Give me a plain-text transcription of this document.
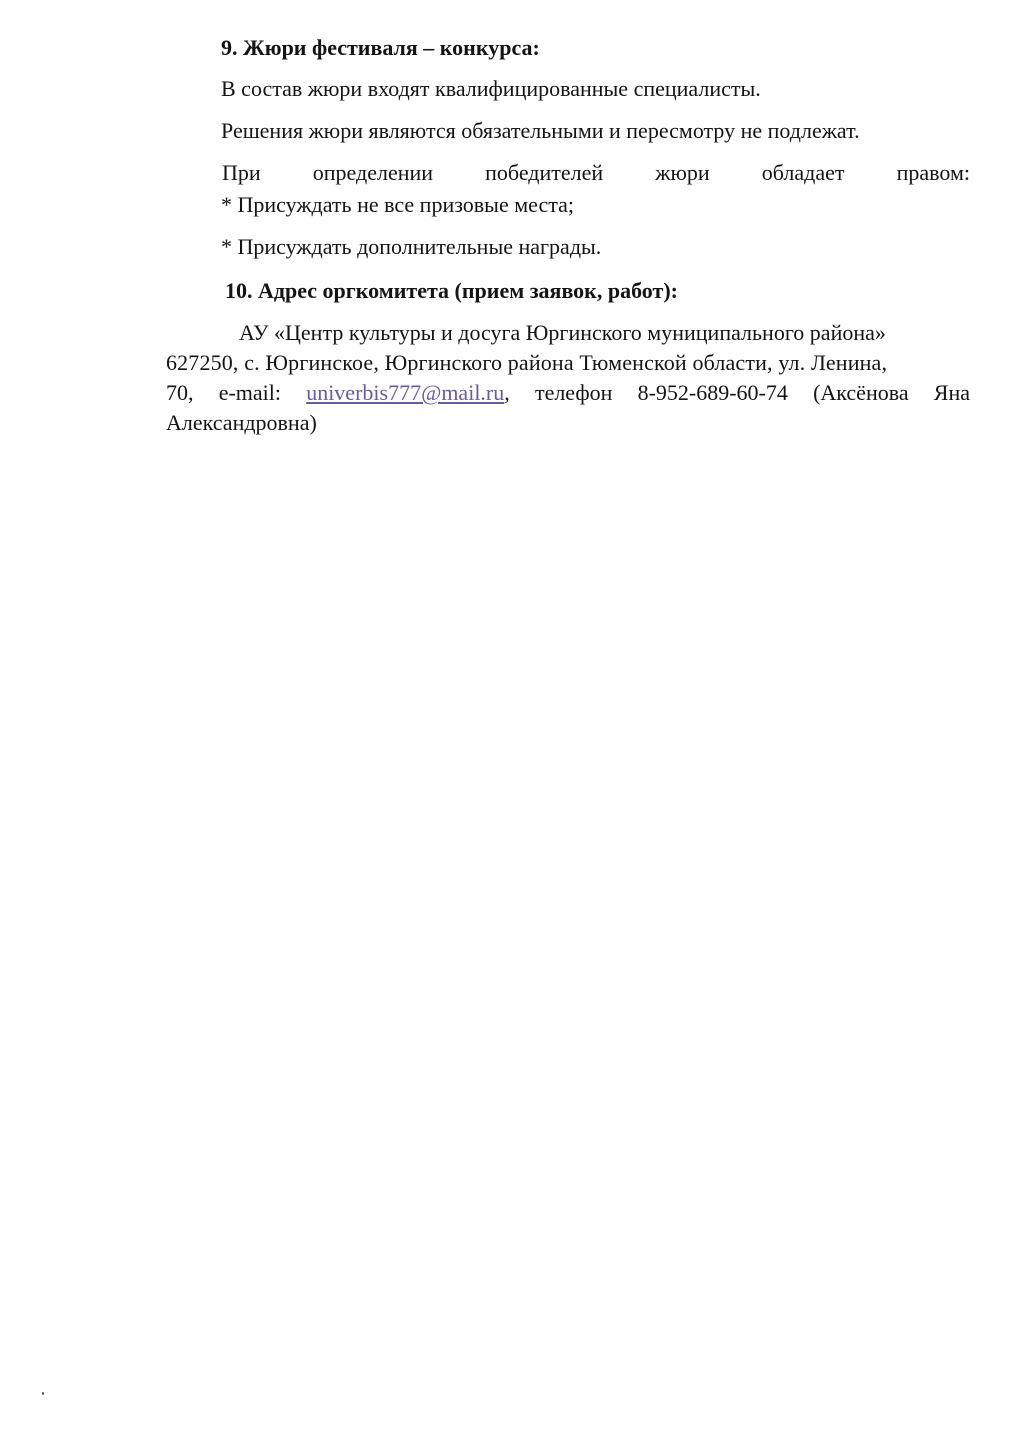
9. Жюри фестиваля – конкурса:
В состав жюри входят квалифицированные специалисты.
Решения жюри являются обязательными и пересмотру не подлежат.
При определении победителей жюри обладает правом:
* Присуждать не все призовые места;
* Присуждать дополнительные награды.
10. Адрес оргкомитета (прием заявок, работ):
АУ «Центр культуры и досуга Юргинского муниципального района»
627250, с. Юргинское, Юргинского района Тюменской области, ул. Ленина,
70, e-mail: univerbis777@mail.ru, телефон 8-952-689-60-74 (Аксёнова Яна
Александровна)
